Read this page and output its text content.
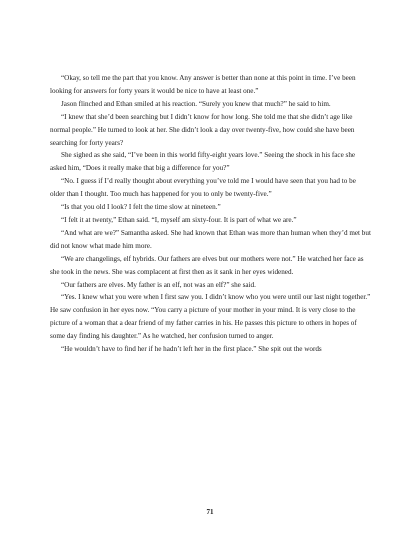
“Okay, so tell me the part that you know. Any answer is better than none at this point in time. I’ve been looking for answers for forty years it would be nice to have at least one.”

Jason flinched and Ethan smiled at his reaction. “Surely you knew that much?” he said to him.

“I knew that she’d been searching but I didn’t know for how long. She told me that she didn’t age like normal people.” He turned to look at her. She didn’t look a day over twenty-five, how could she have been searching for forty years?

She sighed as she said, “I’ve been in this world fifty-eight years love.” Seeing the shock in his face she asked him, “Does it really make that big a difference for you?”

“No. I guess if I’d really thought about everything you’ve told me I would have seen that you had to be older than I thought. Too much has happened for you to only be twenty-five.”

“Is that you old I look? I felt the time slow at nineteen.”

“I felt it at twenty,” Ethan said. “I, myself am sixty-four. It is part of what we are.”

“And what are we?” Samantha asked. She had known that Ethan was more than human when they’d met but did not know what made him more.

“We are changelings, elf hybrids. Our fathers are elves but our mothers were not.” He watched her face as she took in the news. She was complacent at first then as it sank in her eyes widened.

“Our fathers are elves. My father is an elf, not was an elf?” she said.

“Yes. I knew what you were when I first saw you. I didn’t know who you were until our last night together.” He saw confusion in her eyes now. “You carry a picture of your mother in your mind. It is very close to the picture of a woman that a dear friend of my father carries in his. He passes this picture to others in hopes of some day finding his daughter.” As he watched, her confusion turned to anger.

“He wouldn’t have to find her if he hadn’t left her in the first place.” She spit out the words

71
